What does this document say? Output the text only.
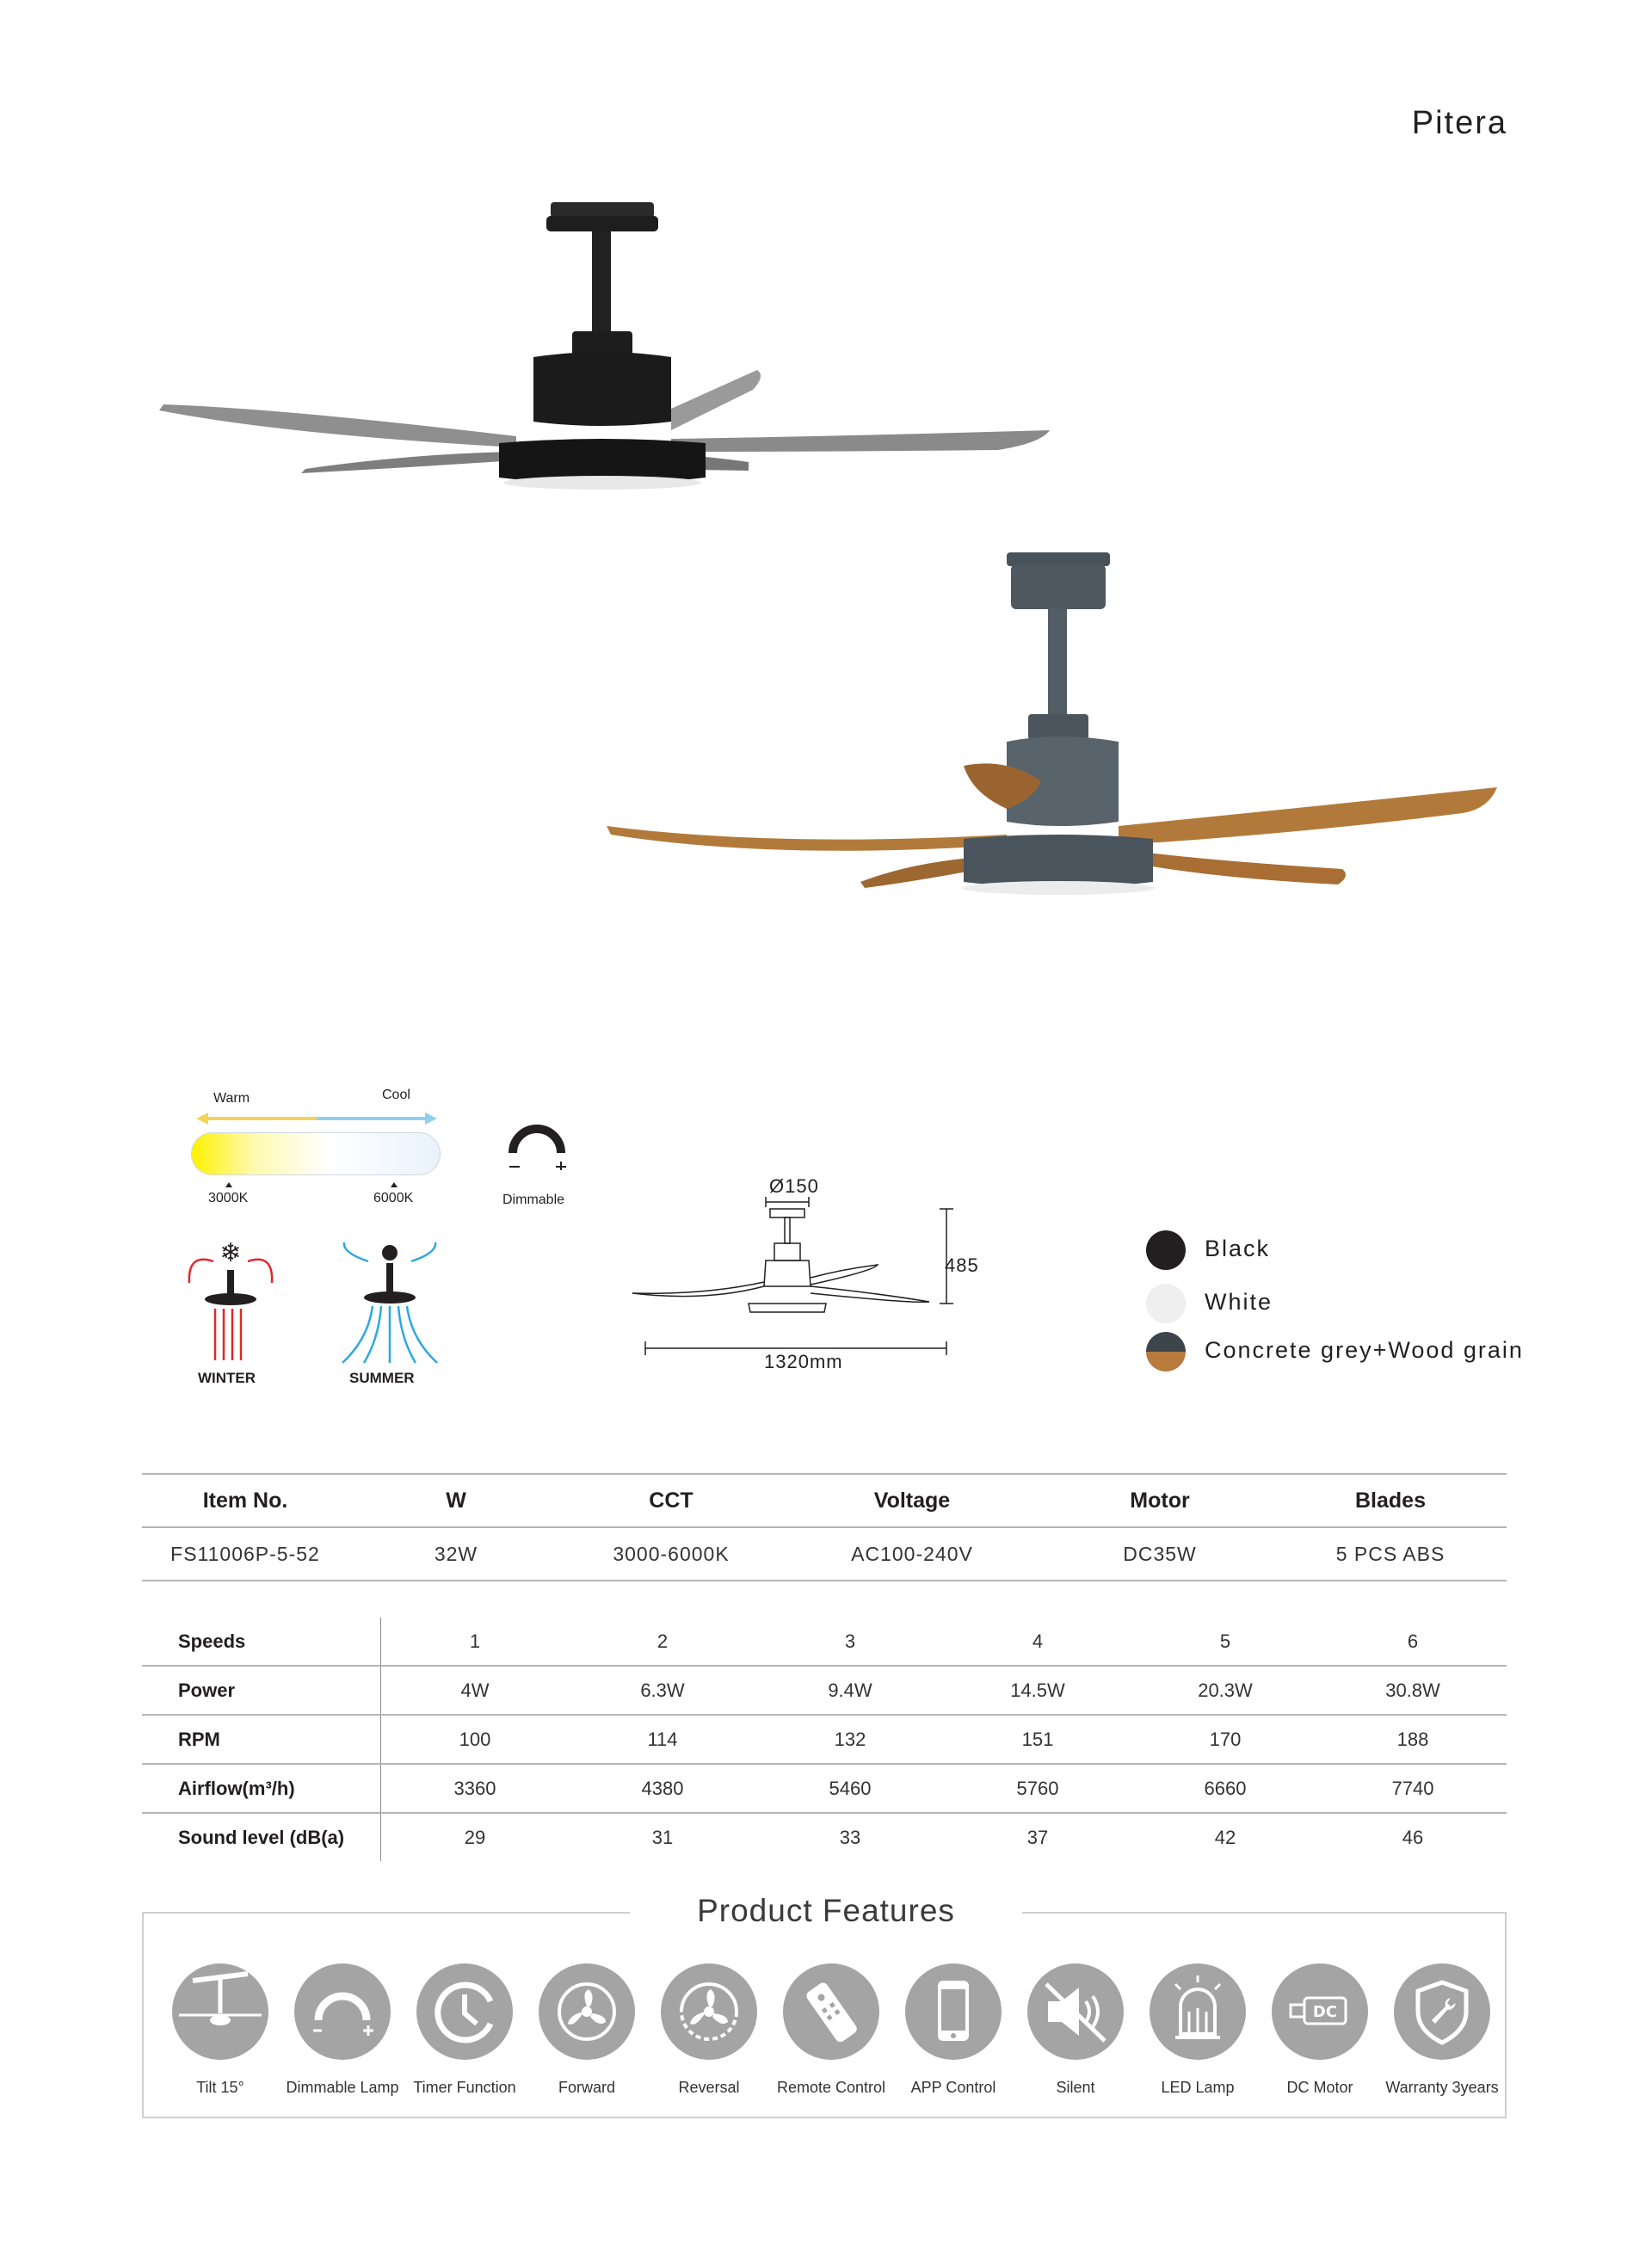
Pitera
Warm	Cool
3000K	6000K	Dimmable
❄
WINTER	SUMMER
Ø150
485
1320mm
Black
White
Concrete grey+Wood grain
Item No.	W	CCT	Voltage	Motor	Blades
FS11006P-5-52	32W	3000-6000K	AC100-240V	DC35W	5 PCS ABS
Speeds	1	2	3	4	5	6
Power	4W	6.3W	9.4W	14.5W	20.3W	30.8W
RPM	100	114	132	151	170	188
Airflow(m³/h)	3360	4380	5460	5760	6660	7740
Sound level (dB(a)	29	31	33	37	42	46
Product Features
Tilt 15°	Dimmable Lamp Timer Function	Forward	Reversal Remote Control APP Control	Silent	LED Lamp
DC
DC Motor Warranty 3years
